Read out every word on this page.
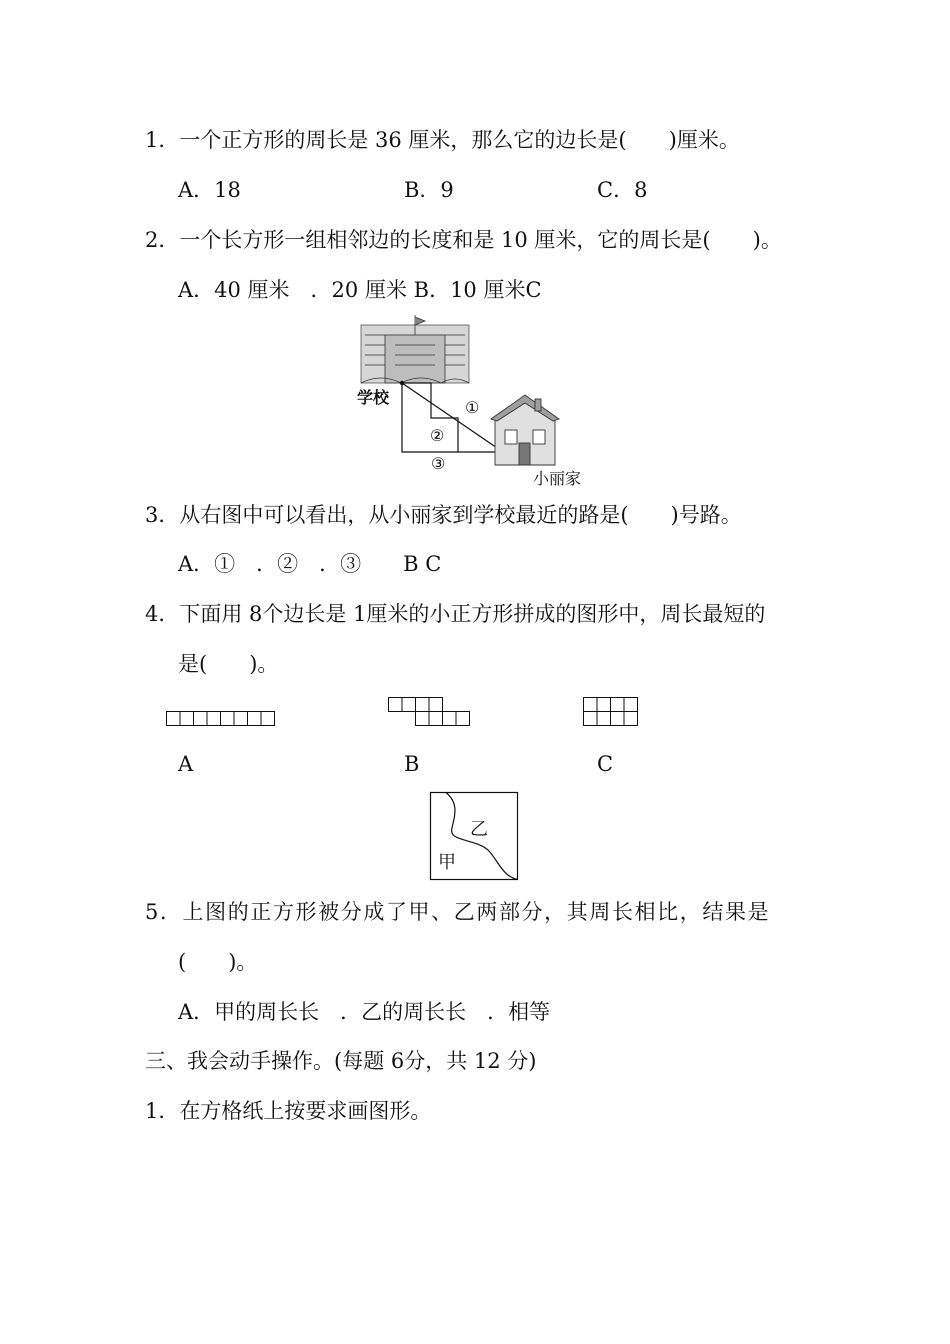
1．一个正方形的周长是 36 厘米，那么它的边长是(　　)厘米。
A．18	B．9	C．8
2．一个长方形一组相邻边的长度和是 10 厘米，它的周长是(　　)。
A．40 厘米　．20 厘米 B．10 厘米C
学校
小丽家
①
②
③
3．从右图中可以看出，从小丽家到学校最近的路是(　　)号路。
A．①　．②　．③　　B C
4．下面用 8个边长是 1厘米的小正方形拼成的图形中，周长最短的
是(　　)。
A	B	C
乙
甲
5．上图的正方形被分成了甲、乙两部分，其周长相比，结果是
(　　)。
A．甲的周长长　．乙的周长长　．相等
三、我会动手操作。(每题 6分，共 12 分)
1．在方格纸上按要求画图形。
